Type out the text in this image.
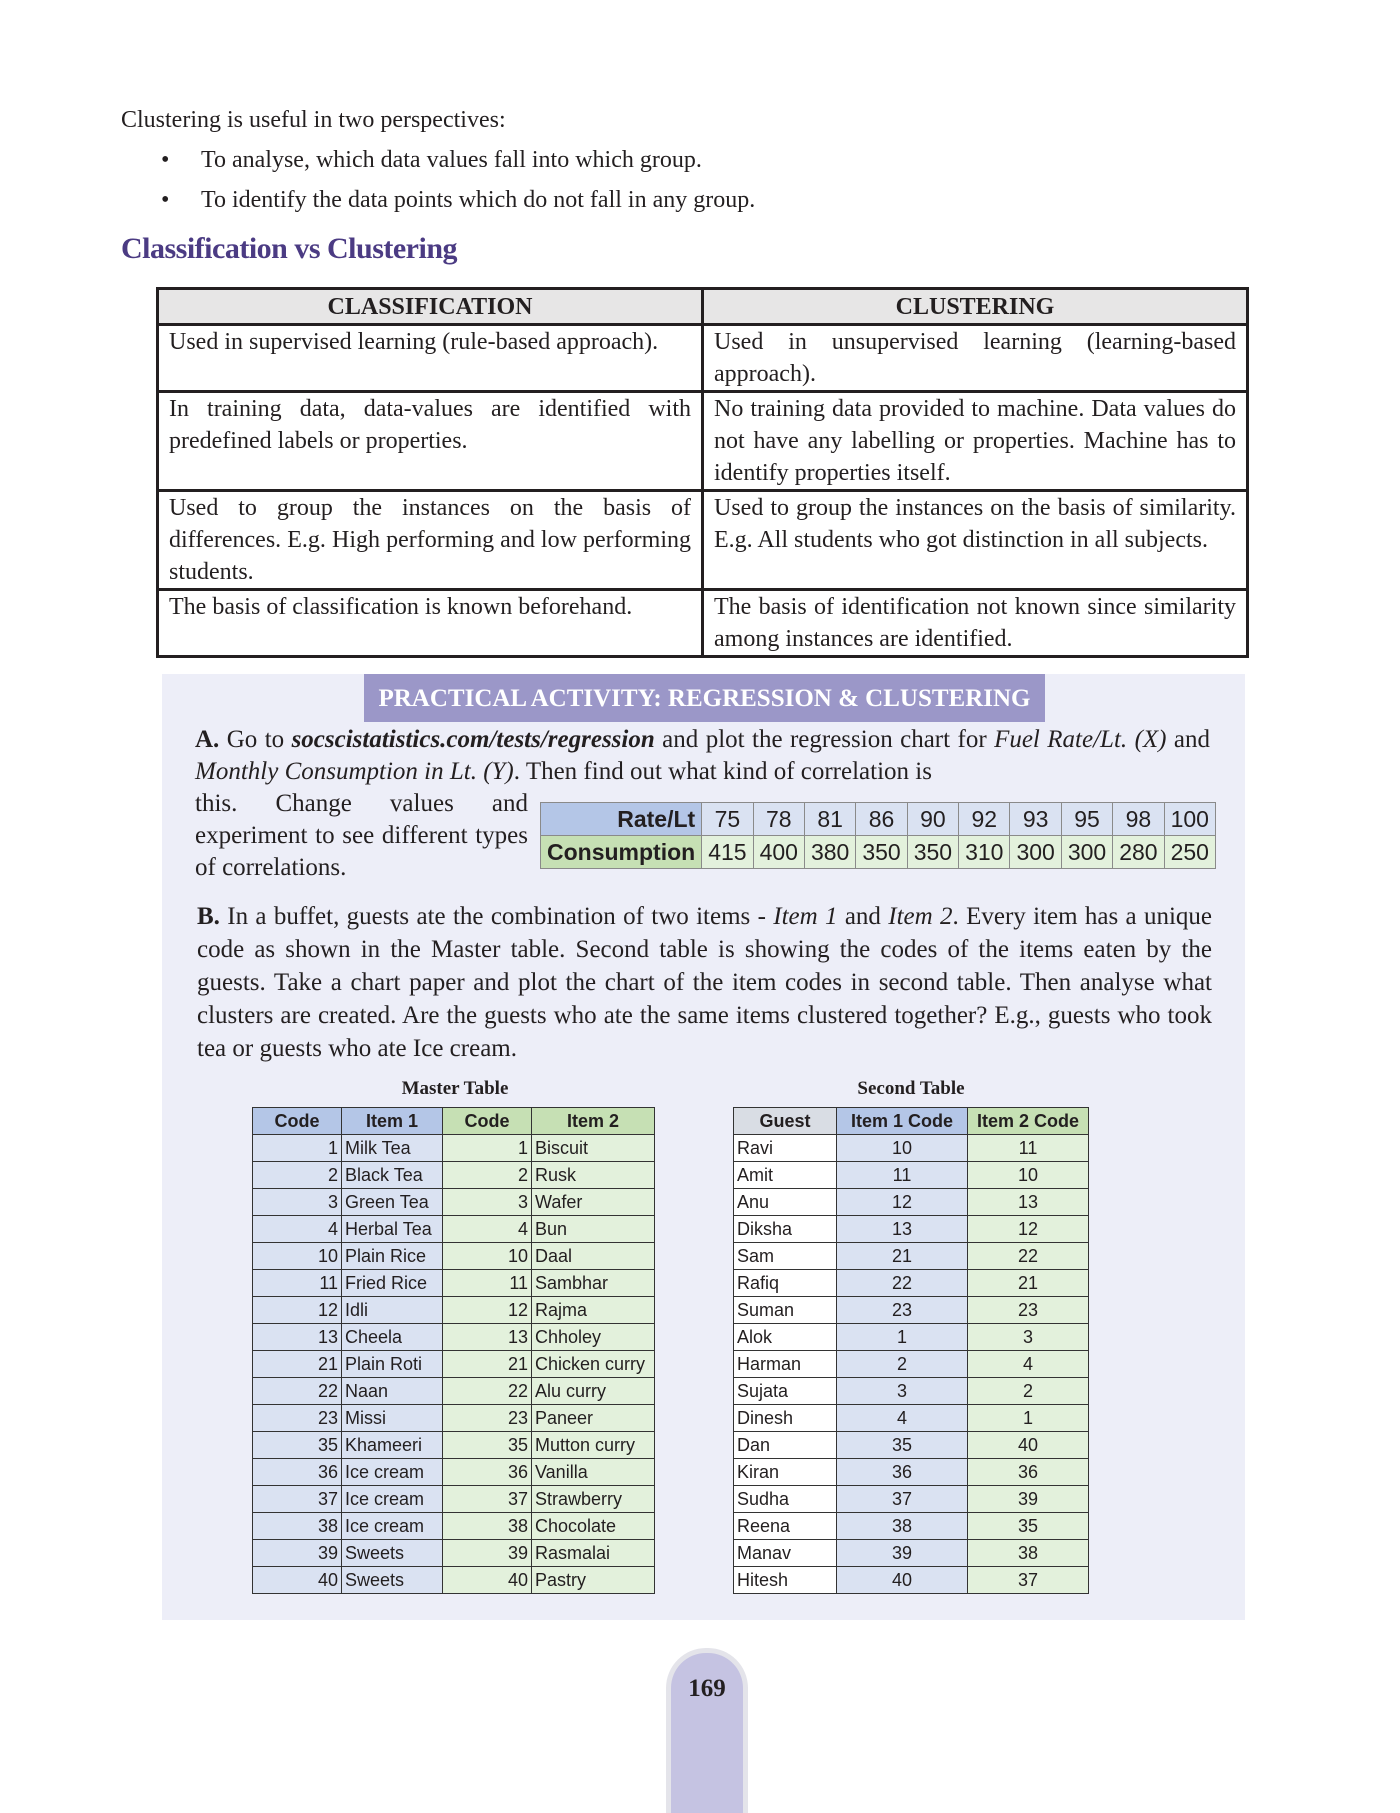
Clustering is useful in two perspectives:
• To analyse, which data values fall into which group.
• To identify the data points which do not fall in any group.
Classification vs Clustering
CLASSIFICATION	CLUSTERING
Used in supervised learning (rule-based approach).	Used in unsupervised learning (learning-based approach).
In training data, data-values are identified with predefined labels or properties.	No training data provided to machine. Data values do not have any labelling or properties. Machine has to identify properties itself.
Used to group the instances on the basis of differences. E.g. High performing and low performing students.	Used to group the instances on the basis of similarity. E.g. All students who got distinction in all subjects.
The basis of classification is known beforehand.	The basis of identification not known since similarity among instances are identified.
PRACTICAL ACTIVITY: REGRESSION & CLUSTERING
A. Go to socscistatistics.com/tests/regression and plot the regression chart for Fuel Rate/Lt. (X) and Monthly Consumption in Lt. (Y). Then find out what kind of correlation is
this. Change values and experiment to see different types of correlations.
Rate/Lt	75	78	81	86	90	92	93	95	98	100
Consumption	415	400	380	350	350	310	300	300	280	250
B. In a buffet, guests ate the combination of two items - Item 1 and Item 2. Every item has a unique code as shown in the Master table. Second table is showing the codes of the items eaten by the guests. Take a chart paper and plot the chart of the item codes in second table. Then analyse what clusters are created. Are the guests who ate the same items clustered together? E.g., guests who took tea or guests who ate Ice cream.
Master Table
Code	Item 1	Code	Item 2
1	Milk Tea	1	Biscuit
2	Black Tea	2	Rusk
3	Green Tea	3	Wafer
4	Herbal Tea	4	Bun
10	Plain Rice	10	Daal
11	Fried Rice	11	Sambhar
12	Idli	12	Rajma
13	Cheela	13	Chholey
21	Plain Roti	21	Chicken curry
22	Naan	22	Alu curry
23	Missi	23	Paneer
35	Khameeri	35	Mutton curry
36	Ice cream	36	Vanilla
37	Ice cream	37	Strawberry
38	Ice cream	38	Chocolate
39	Sweets	39	Rasmalai
40	Sweets	40	Pastry
Second Table
Guest	Item 1 Code	Item 2 Code
Ravi	10	11
Amit	11	10
Anu	12	13
Diksha	13	12
Sam	21	22
Rafiq	22	21
Suman	23	23
Alok	1	3
Harman	2	4
Sujata	3	2
Dinesh	4	1
Dan	35	40
Kiran	36	36
Sudha	37	39
Reena	38	35
Manav	39	38
Hitesh	40	37
169
